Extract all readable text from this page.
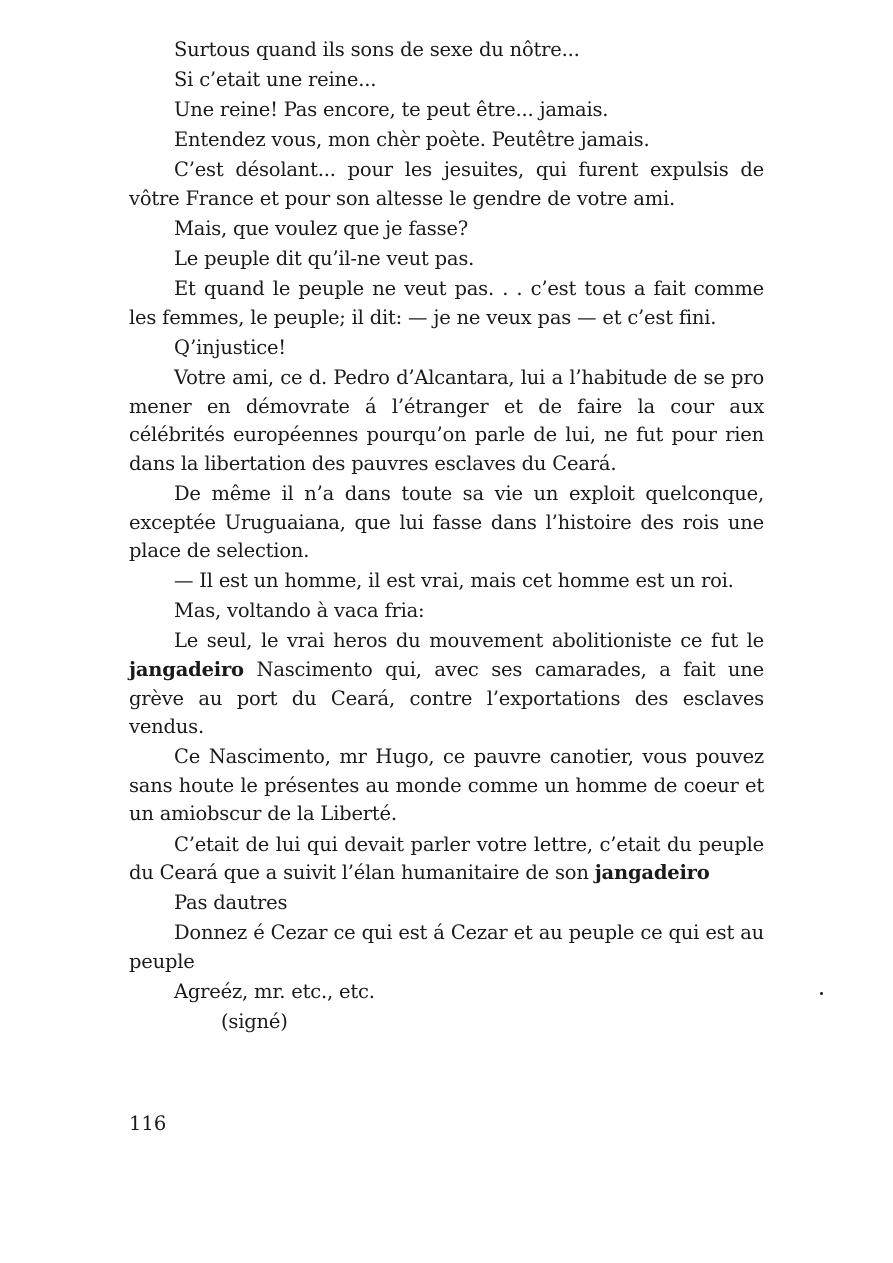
Surtous quand ils sons de sexe du nôtre...

Si c’etait une reine...

Une reine! Pas encore, te peut être... jamais.

Entendez vous, mon chèr poète. Peutêtre jamais.

C’est désolant... pour les jesuites, qui furent expulsis de vôtre France et pour son altesse le gendre de votre ami.

Mais, que voulez que je fasse?

Le peuple dit qu’il-ne veut pas.

Et quand le peuple ne veut pas. . . c’est tous a fait comme les femmes, le peuple; il dit: — je ne veux pas — et c’est fini.

Q’injustice!

Votre ami, ce d. Pedro d’Alcantara, lui a l’habitude de se pro mener en démovrate á l’étranger et de faire la cour aux célébrités européennes pourqu’on parle de lui, ne fut pour rien dans la libertation des pauvres esclaves du Ceará.

De même il n’a dans toute sa vie un exploit quelconque, exceptée Uruguaiana, que lui fasse dans l’histoire des rois une place de selection.

— Il est un homme, il est vrai, mais cet homme est un roi.

Mas, voltando à vaca fria:

Le seul, le vrai heros du mouvement abolitioniste ce fut le jangadeiro Nascimento qui, avec ses camarades, a fait une grève au port du Ceará, contre l’exportations des esclaves vendus.

Ce Nascimento, mr Hugo, ce pauvre canotier, vous pouvez sans houte le présentes au monde comme un homme de coeur et un amiobscur de la Liberté.

C’etait de lui qui devait parler votre lettre, c’etait du peuple du Ceará que a suivit l’élan humanitaire de son jangadeiro

Pas dautres

Donnez é Cezar ce qui est á Cezar et au peuple ce qui est au peuple

Agreéz, mr. etc., etc.

(signé)

116
